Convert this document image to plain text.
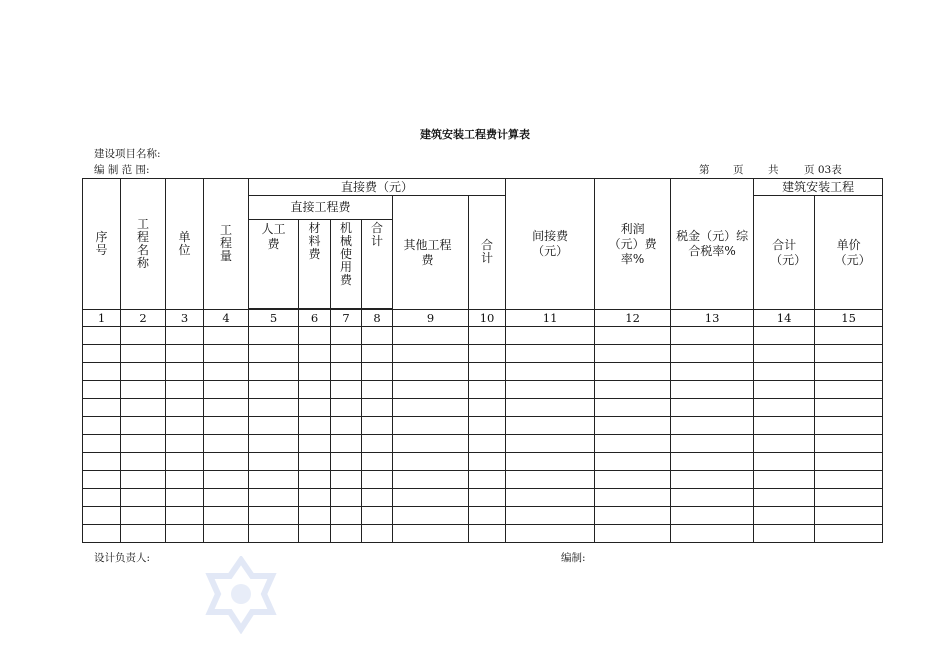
建筑安装工程费计算表
建设项目名称:
编 制 范 围:	第 页 共 页 03表
序号	工程名称	单位	工程量	直接费（元）						间接费（元）	利润（元）费率%	税金（元）综合税率%	建筑安装工程	
				直接工程费				其他工程费	合计				合计（元）	单价（元）

				人工费	材料费	机械使用费	合计							

1	2	3	4	5	6	7	8	9	10	11	12	13	14	15

设计负责人:	编制:
